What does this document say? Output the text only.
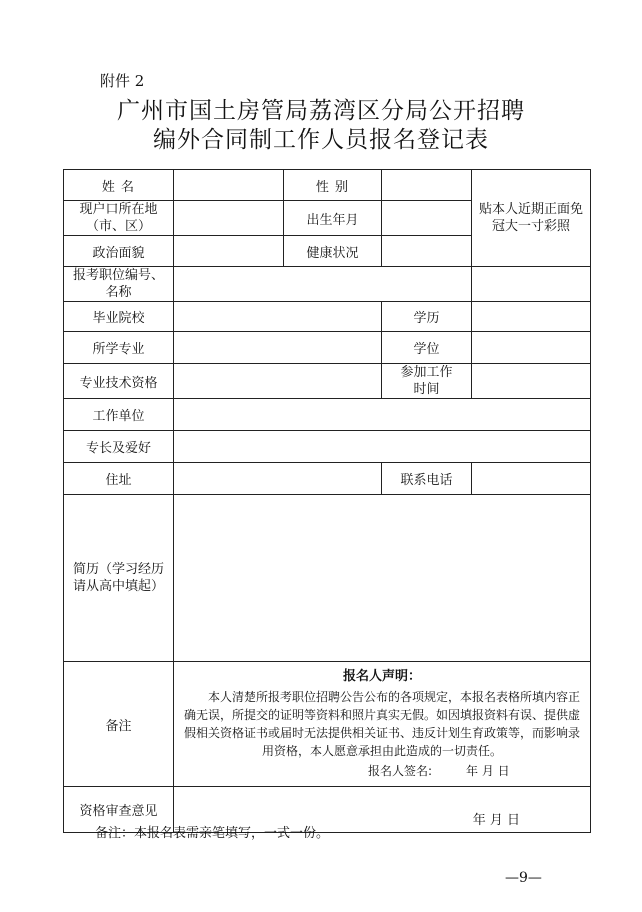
附件 2
广州市国土房管局荔湾区分局公开招聘
编外合同制工作人员报名登记表
姓 名		性 别		贴本人近期正面免冠大一寸彩照

现户口所在地
（市、区）		出生年月		
政治面貌		健康状况		

报考职位编号、
名称				

毕业院校			学历	
所学专业			学位	
专业技术资格			参加工作
时间	

工作单位				
专长及爱好				
住址			联系电话	

简历（学习经历
请从高中填起）				

备注	报名人声明：

本人清楚所报考职位招聘公告公布的各项规定，本报名表格所填内容正确无误，所提交的证明等资料和照片真实无假。如因填报资料有误、提供虚假相关资格证书或届时无法提供相关证书、违反计划生育政策等，而影响录用资格，本人愿意承担由此造成的一切责任。

报名人签名: 年 月 日			

资格审查意见	年 月 日			
备注：本报名表需亲笔填写，一式一份。
—9—
